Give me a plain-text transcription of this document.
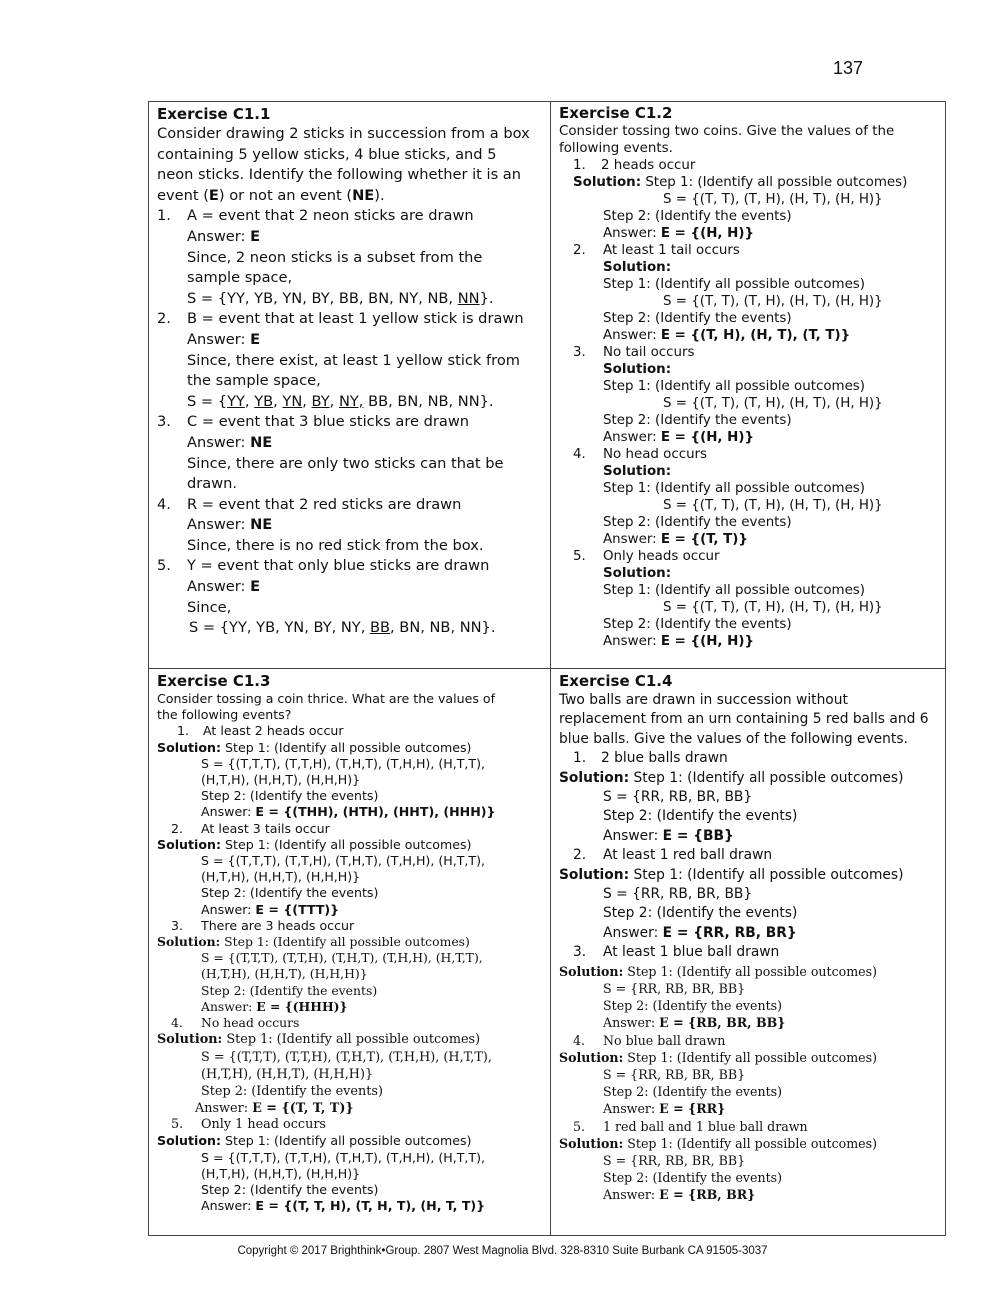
137
Exercise C1.1
Consider drawing 2 sticks in succession from a box
containing 5 yellow sticks, 4 blue sticks, and 5
neon sticks. Identify the following whether it is an
event (E) or not an event (NE).
1. A = event that 2 neon sticks are drawn
Answer: E
Since, 2 neon sticks is a subset from the
sample space,
S = {YY, YB, YN, BY, BB, BN, NY, NB, NN}.
2. B = event that at least 1 yellow stick is drawn
Answer: E
Since, there exist, at least 1 yellow stick from
the sample space,
S = {YY, YB, YN, BY, NY, BB, BN, NB, NN}.
3. C = event that 3 blue sticks are drawn
Answer: NE
Since, there are only two sticks can that be
drawn.
4. R = event that 2 red sticks are drawn
Answer: NE
Since, there is no red stick from the box.
5. Y = event that only blue sticks are drawn
Answer: E
Since,
S = {YY, YB, YN, BY, NY, BB, BN, NB, NN}.
Exercise C1.2
Consider tossing two coins. Give the values of the
following events.
1. 2 heads occur
Solution: Step 1: (Identify all possible outcomes)
S = {(T, T), (T, H), (H, T), (H, H)}
Step 2: (Identify the events)
Answer: E = {(H, H)}
2. At least 1 tail occurs
Solution:
Step 1: (Identify all possible outcomes)
S = {(T, T), (T, H), (H, T), (H, H)}
Step 2: (Identify the events)
Answer: E = {(T, H), (H, T), (T, T)}
3. No tail occurs
Solution:
Step 1: (Identify all possible outcomes)
S = {(T, T), (T, H), (H, T), (H, H)}
Step 2: (Identify the events)
Answer: E = {(H, H)}
4. No head occurs
Solution:
Step 1: (Identify all possible outcomes)
S = {(T, T), (T, H), (H, T), (H, H)}
Step 2: (Identify the events)
Answer: E = {(T, T)}
5. Only heads occur
Solution:
Step 1: (Identify all possible outcomes)
S = {(T, T), (T, H), (H, T), (H, H)}
Step 2: (Identify the events)
Answer: E = {(H, H)}
Exercise C1.3
Consider tossing a coin thrice. What are the values of
the following events?
1. At least 2 heads occur
Solution: Step 1: (Identify all possible outcomes)
S = {(T,T,T), (T,T,H), (T,H,T), (T,H,H), (H,T,T),
(H,T,H), (H,H,T), (H,H,H)}
Step 2: (Identify the events)
Answer: E = {(THH), (HTH), (HHT), (HHH)}
2. At least 3 tails occur
Solution: Step 1: (Identify all possible outcomes)
S = {(T,T,T), (T,T,H), (T,H,T), (T,H,H), (H,T,T),
(H,T,H), (H,H,T), (H,H,H)}
Step 2: (Identify the events)
Answer: E = {(TTT)}
3. There are 3 heads occur
Solution: Step 1: (Identify all possible outcomes)
S = {(T,T,T), (T,T,H), (T,H,T), (T,H,H), (H,T,T),
(H,T,H), (H,H,T), (H,H,H)}
Step 2: (Identify the events)
Answer: E = {(HHH)}
4. No head occurs
Solution: Step 1: (Identify all possible outcomes)
S = {(T,T,T), (T,T,H), (T,H,T), (T,H,H), (H,T,T),
(H,T,H), (H,H,T), (H,H,H)}
Step 2: (Identify the events)
Answer: E = {(T, T, T)}
5. Only 1 head occurs
Solution: Step 1: (Identify all possible outcomes)
S = {(T,T,T), (T,T,H), (T,H,T), (T,H,H), (H,T,T),
(H,T,H), (H,H,T), (H,H,H)}
Step 2: (Identify the events)
Answer: E = {(T, T, H), (T, H, T), (H, T, T)}
Exercise C1.4
Two balls are drawn in succession without
replacement from an urn containing 5 red balls and 6
blue balls. Give the values of the following events.
1. 2 blue balls drawn
Solution: Step 1: (Identify all possible outcomes)
S = {RR, RB, BR, BB}
Step 2: (Identify the events)
Answer: E = {BB}
2. At least 1 red ball drawn
Solution: Step 1: (Identify all possible outcomes)
S = {RR, RB, BR, BB}
Step 2: (Identify the events)
Answer: E = {RR, RB, BR}
3. At least 1 blue ball drawn
Solution: Step 1: (Identify all possible outcomes)
S = {RR, RB, BR, BB}
Step 2: (Identify the events)
Answer: E = {RB, BR, BB}
4. No blue ball drawn
Solution: Step 1: (Identify all possible outcomes)
S = {RR, RB, BR, BB}
Step 2: (Identify the events)
Answer: E = {RR}
5. 1 red ball and 1 blue ball drawn
Solution: Step 1: (Identify all possible outcomes)
S = {RR, RB, BR, BB}
Step 2: (Identify the events)
Answer: E = {RB, BR}
Copyright © 2017 Brighthink•Group. 2807 West Magnolia Blvd. 328-8310 Suite Burbank CA 91505-3037
